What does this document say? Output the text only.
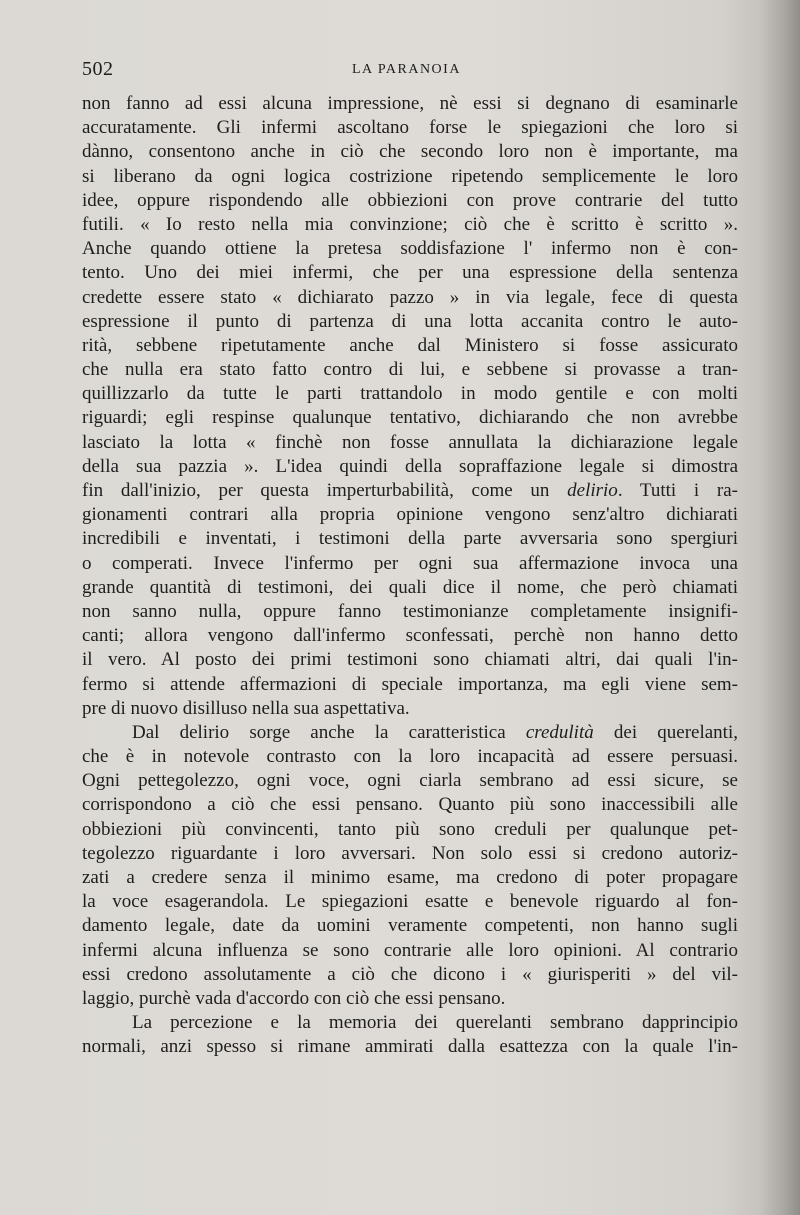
502	LA PARANOIA
non fanno ad essi alcuna impressione, nè essi si degnano di esaminarle
accuratamente. Gli infermi ascoltano forse le spiegazioni che loro si
dànno, consentono anche in ciò che secondo loro non è importante, ma
si liberano da ogni logica costrizione ripetendo semplicemente le loro
idee, oppure rispondendo alle obbiezioni con prove contrarie del tutto
futili. « Io resto nella mia convinzione; ciò che è scritto è scritto ».
Anche quando ottiene la pretesa soddisfazione l' infermo non è con-
tento. Uno dei miei infermi, che per una espressione della sentenza
credette essere stato « dichiarato pazzo » in via legale, fece di questa
espressione il punto di partenza di una lotta accanita contro le auto-
rità, sebbene ripetutamente anche dal Ministero si fosse assicurato
che nulla era stato fatto contro di lui, e sebbene si provasse a tran-
quillizzarlo da tutte le parti trattandolo in modo gentile e con molti
riguardi; egli respinse qualunque tentativo, dichiarando che non avrebbe
lasciato la lotta « finchè non fosse annullata la dichiarazione legale
della sua pazzia ». L'idea quindi della sopraffazione legale si dimostra
fin dall'inizio, per questa imperturbabilità, come un delirio. Tutti i ra-
gionamenti contrari alla propria opinione vengono senz'altro dichiarati
incredibili e inventati, i testimoni della parte avversaria sono spergiuri
o comperati. Invece l'infermo per ogni sua affermazione invoca una
grande quantità di testimoni, dei quali dice il nome, che però chiamati
non sanno nulla, oppure fanno testimonianze completamente insignifi-
canti; allora vengono dall'infermo sconfessati, perchè non hanno detto
il vero. Al posto dei primi testimoni sono chiamati altri, dai quali l'in-
fermo si attende affermazioni di speciale importanza, ma egli viene sem-
pre di nuovo disilluso nella sua aspettativa.
Dal delirio sorge anche la caratteristica credulità dei querelanti,
che è in notevole contrasto con la loro incapacità ad essere persuasi.
Ogni pettegolezzo, ogni voce, ogni ciarla sembrano ad essi sicure, se
corrispondono a ciò che essi pensano. Quanto più sono inaccessibili alle
obbiezioni più convincenti, tanto più sono creduli per qualunque pet-
tegolezzo riguardante i loro avversari. Non solo essi si credono autoriz-
zati a credere senza il minimo esame, ma credono di poter propagare
la voce esagerandola. Le spiegazioni esatte e benevole riguardo al fon-
damento legale, date da uomini veramente competenti, non hanno sugli
infermi alcuna influenza se sono contrarie alle loro opinioni. Al contrario
essi credono assolutamente a ciò che dicono i « giurisperiti » del vil-
laggio, purchè vada d'accordo con ciò che essi pensano.
La percezione e la memoria dei querelanti sembrano dapprincipio
normali, anzi spesso si rimane ammirati dalla esattezza con la quale l'in-
